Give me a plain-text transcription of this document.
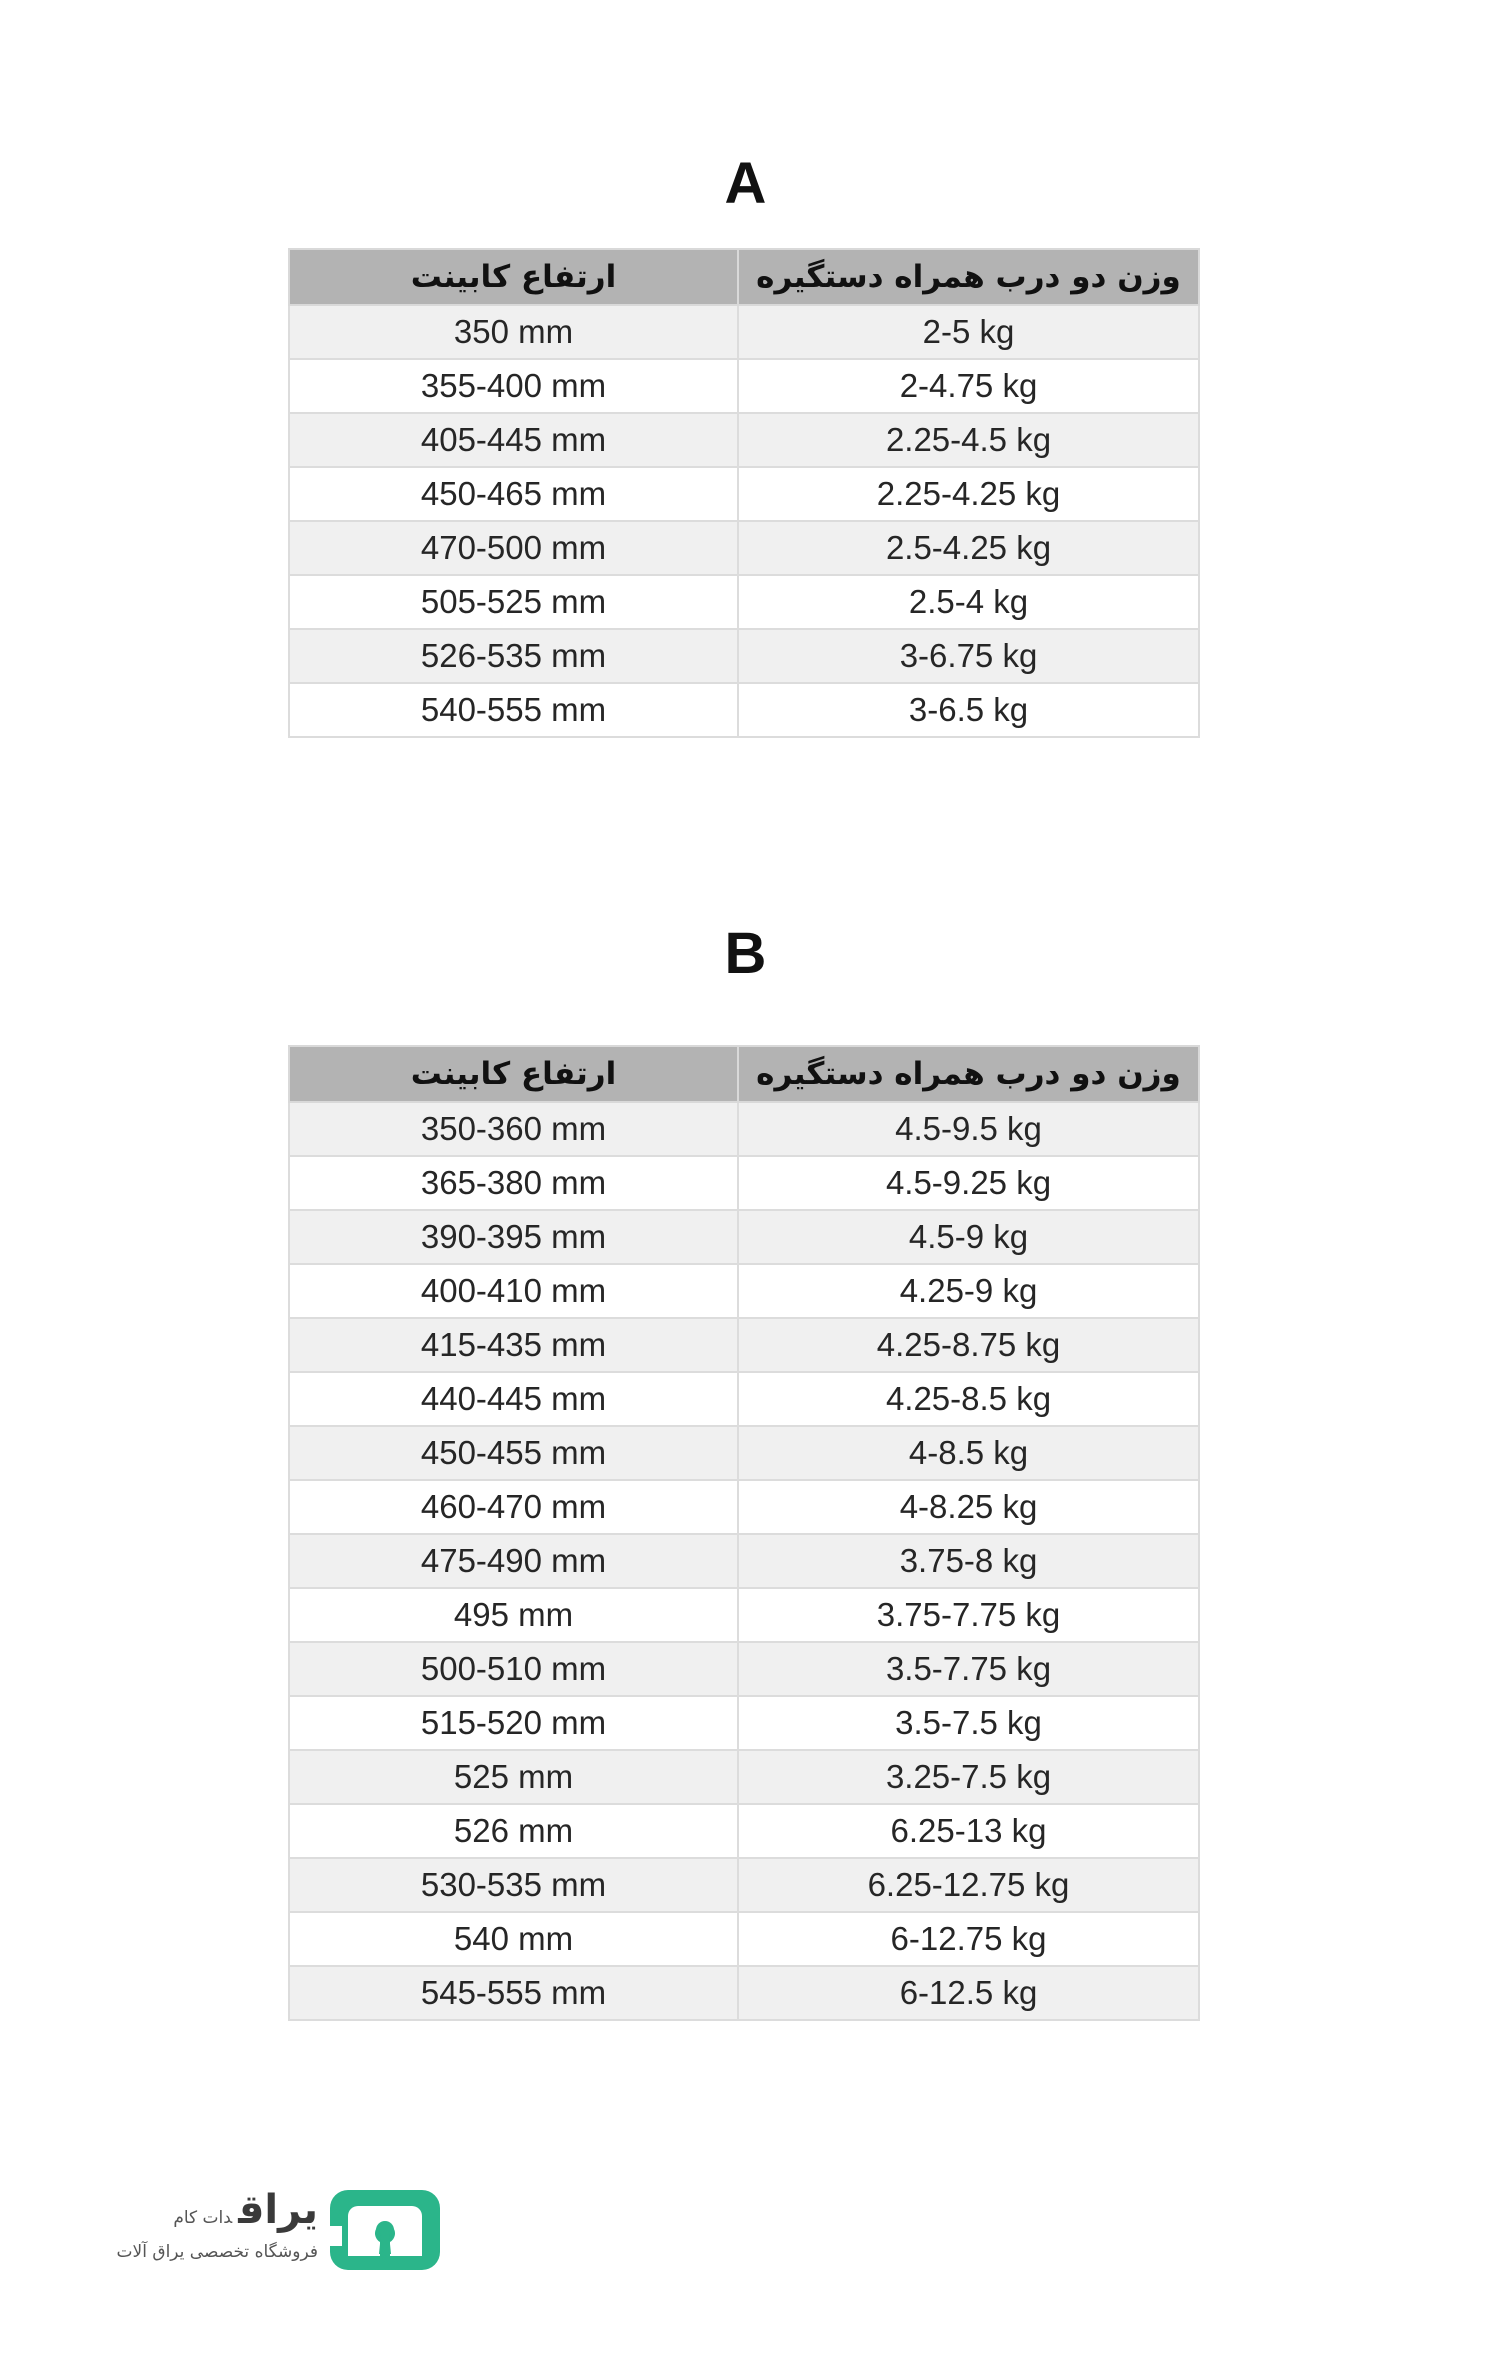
A
ارتفاع کابینت	وزن دو درب همراه دستگیره
350 mm	2-5 kg
355-400 mm	2-4.75 kg
405-445 mm	2.25-4.5 kg
450-465 mm	2.25-4.25 kg
470-500 mm	2.5-4.25 kg
505-525 mm	2.5-4 kg
526-535 mm	3-6.75 kg
540-555 mm	3-6.5 kg
B
ارتفاع کابینت	وزن دو درب همراه دستگیره
350-360 mm	4.5-9.5 kg
365-380 mm	4.5-9.25 kg
390-395 mm	4.5-9 kg
400-410 mm	4.25-9 kg
415-435 mm	4.25-8.75 kg
440-445 mm	4.25-8.5 kg
450-455 mm	4-8.5 kg
460-470 mm	4-8.25 kg
475-490 mm	3.75-8 kg
495 mm	3.75-7.75 kg
500-510 mm	3.5-7.75 kg
515-520 mm	3.5-7.5 kg
525 mm	3.25-7.5 kg
526 mm	6.25-13 kg
530-535 mm	6.25-12.75 kg
540 mm	6-12.75 kg
545-555 mm	6-12.5 kg
یراقدات کام
فروشگاه تخصصی یراق آلات
